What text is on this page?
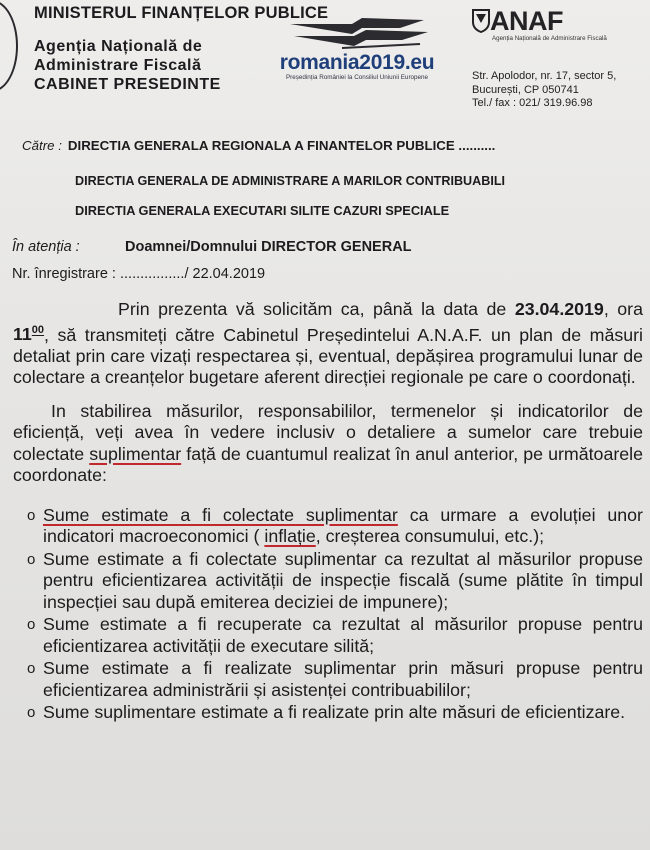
MINISTERUL FINANȚELOR PUBLICE
Agenția Națională de
Administrare Fiscală
CABINET PRESEDINTE
romania2019.eu
Președinția României la Consiliul Uniunii Europene
ANAF
Agenția Națională de Administrare Fiscală
Str. Apolodor, nr. 17, sector 5,
București, CP 050741
Tel./ fax : 021/ 319.96.98
Către : DIRECTIA GENERALA REGIONALA A FINANTELOR PUBLICE ..........
DIRECTIA GENERALA DE ADMINISTRARE A MARILOR CONTRIBUABILI
DIRECTIA GENERALA EXECUTARI SILITE CAZURI SPECIALE
În atenția :	Doamnei/Domnului DIRECTOR GENERAL
Nr. înregistrare : ................/ 22.04.2019
Prin prezenta vă solicităm ca, până la data de 23.04.2019, ora $11^{00}$, să transmiteți către Cabinetul Președintelui A.N.A.F. un plan de măsuri detaliat prin care vizați respectarea și, eventual, depășirea programului lunar de colectare a creanțelor bugetare aferent direcției regionale pe care o coordonați.
In stabilirea măsurilor, responsabililor, termenelor și indicatorilor de eficiență, veți avea în vedere inclusiv o detaliere a sumelor care trebuie colectate suplimentar față de cuantumul realizat în anul anterior, pe următoarele coordonate:
o Sume estimate a fi colectate suplimentar ca urmare a evoluției unor indicatori macroeconomici ( inflație, creșterea consumului, etc.);
o Sume estimate a fi colectate suplimentar ca rezultat al măsurilor propuse pentru eficientizarea activității de inspecție fiscală (sume plătite în timpul inspecției sau după emiterea deciziei de impunere);
o Sume estimate a fi recuperate ca rezultat al măsurilor propuse pentru eficientizarea activității de executare silită;
o Sume estimate a fi realizate suplimentar prin măsuri propuse pentru eficientizarea administrării și asistenței contribuabililor;
o Sume suplimentare estimate a fi realizate prin alte măsuri de eficientizare.
